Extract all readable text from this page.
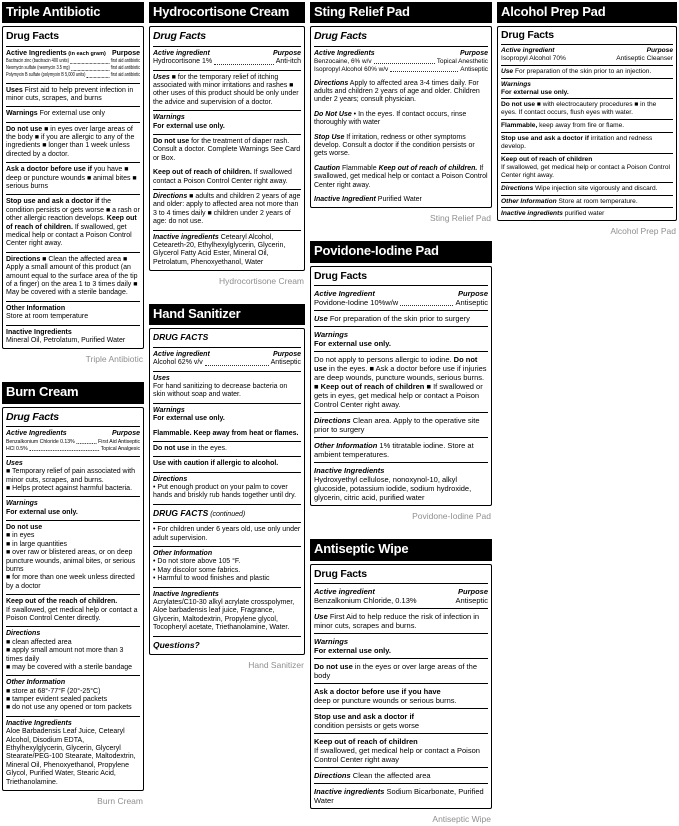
Triple Antibiotic
Drug Facts
Active Ingredients (in each gram) Purpose
Bacitracin zinc (bacitracin 400 units)	first aid antibiotic
Neomycin sulfate (neomycin 3.5 mg)	first aid antibiotic
Polymyxin B sulfate (polymyxin B 5,000 units)	first aid antibiotic
Uses First aid to help prevent infection in minor cuts, scrapes, and burns
Warnings For external use only
Do not use ■ in eyes over large areas of the body ■ if you are allergic to any of the ingredients ■ longer than 1 week unless directed by a doctor.
Ask a doctor before use if you have ■ deep or puncture wounds ■ animal bites ■ serious burns
Stop use and ask a doctor if the condition persists or gets worse ■ a rash or other allergic reaction develops. Keep out of reach of children. If swallowed, get medical help or contact a Poison Control Center right away.
Directions ■ Clean the affected area ■ Apply a small amount of this product (an amount equal to the surface area of the tip of a finger) on the area 1 to 3 times daily ■ May be covered with a sterile bandage.
Other Information
Store at room temperature
Inactive Ingredients
Mineral Oil, Petrolatum, Purified Water
Triple Antibiotic
Burn Cream
Drug Facts
Active Ingredients	Purpose
Benzalkonium Chloride 0.13%	First Aid Antiseptic
HCl 0.5%	Topical Analgesic
Uses
■ Temporary relief of pain associated with minor cuts, scrapes, and burns.
■ Helps protect against harmful bacteria.
Warnings
For external use only.
Do not use
■ in eyes
■ in large quantities
■ over raw or blistered areas, or on deep puncture wounds, animal bites, or serious burns
■ for more than one week unless directed by a doctor
Keep out of the reach of children.
If swallowed, get medical help or contact a Poison Control Center directly.
Directions
■ clean affected area
■ apply small amount not more than 3 times daily
■ may be covered with a sterile bandage
Other Information
■ store at 68°-77°F (20°-25°C)
■ tamper evident sealed packets
■ do not use any opened or torn packets
Inactive Ingredients
Aloe Barbadensis Leaf Juice, Cetearyl Alcohol, Disodium EDTA, Ethylhexylglycerin, Glycerin, Glyceryl Stearate/PEG-100 Stearate, Maltodextrin, Mineral Oil, Phenoxyethanol, Propylene Glycol, Purified Water, Stearic Acid, Triethanolamine.
Burn Cream
Hydrocortisone Cream
Drug Facts
Active ingredient	Purpose
Hydrocortisone 1%	Anti-itch
Uses ■ for the temporary relief of itching associated with minor irritations and rashes ■ other uses of this product should be only under the advice and supervision of a doctor.
Warnings
For external use only.
Do not use for the treatment of diaper rash. Consult a doctor. Complete Warnings See Card or Box.
Keep out of reach of children. If swallowed contact a Poison Control Center right away.
Directions ■ adults and children 2 years of age and older: apply to affected area not more than 3 to 4 times daily ■ children under 2 years of age: do not use.
Inactive ingredients Cetearyl Alcohol, Ceteareth-20, Ethylhexylglycerin, Glycerin, Glycerol Fatty Acid Ester, Mineral Oil, Petrolatum, Phenoxyethanol, Water
Hydrocortisone Cream
Hand Sanitizer
DRUG FACTS
Active ingredient	Purpose
Alcohol 62% v/v	Antiseptic
Uses
For hand sanitizing to decrease bacteria on skin without soap and water.
Warnings
For external use only.
Flammable. Keep away from heat or flames.
Do not use in the eyes.
Use with caution if allergic to alcohol.
Directions
• Put enough product on your palm to cover hands and briskly rub hands together until dry.
DRUG FACTS (continued)
• For children under 6 years old, use only under adult supervision.
Other Information
• Do not store above 105 °F.
• May discolor some fabrics.
• Harmful to wood finishes and plastic
Inactive Ingredients
Acrylates/C10-30 alkyl acrylate crosspolymer, Aloe barbadensis leaf juice, Fragrance, Glycerin, Maltodextrin, Propylene glycol, Tocopheryl acetate, Triethanolamine, Water.
Questions?
Hand Sanitizer
Sting Relief Pad
Drug Facts
Active Ingredients	Purpose
Benzocaine, 6% w/v	Topical Anesthetic
Isopropyl Alcohol 60% w/v	Antiseptic
Directions Apply to affected area 3-4 times daily. For adults and children 2 years of age and older. Children under 2 years; consult physician.
Do Not Use • In the eyes. If contact occurs, rinse thoroughly with water
Stop Use If irritation, redness or other symptoms develop. Consult a doctor if the condition persists or gets worse.
Caution Flammable Keep out of reach of children. If swallowed, get medical help or contact a Poison Control Center right away.
Inactive Ingredient Purified Water
Sting Relief Pad
Povidone-Iodine Pad
Drug Facts
Active Ingredient	Purpose
Povidone-Iodine 10%w/w	Antiseptic
Use For preparation of the skin prior to surgery
Warnings
For external use only.
Do not apply to persons allergic to iodine. Do not use in the eyes. ■ Ask a doctor before use if injuries are deep wounds, puncture wounds, serious burns. ■ Keep out of reach of children ■ If swallowed or gets in eyes, get medical help or contact a Poison Control Center right away.
Directions Clean area. Apply to the operative site prior to surgery
Other Information 1% titratable iodine. Store at ambient temperatures.
Inactive Ingredients
Hydroxyethyl cellulose, nonoxynol-10, alkyl glucoside, potassium iodide, sodium hydroxide, glycerin, citric acid, purified water
Povidone-Iodine Pad
Antiseptic Wipe
Drug Facts
Active ingredient	Purpose
Benzalkonium Chloride, 0.13%	Antiseptic
Use First Aid to help reduce the risk of infection in minor cuts, scrapes and burns.
Warnings
For external use only.
Do not use in the eyes or over large areas of the body
Ask a doctor before use if you have
deep or puncture wounds or serious burns.
Stop use and ask a doctor if
condition persists or gets worse
Keep out of reach of children
If swallowed, get medical help or contact a Poison Control Center right away
Directions Clean the affected area
Inactive ingredients Sodium Bicarbonate, Purified Water
Antiseptic Wipe
Alcohol Prep Pad
Drug Facts
Active ingredient	Purpose
Isopropyl Alcohol 70%	Antiseptic Cleanser
Use For preparation of the skin prior to an injection.
Warnings
For external use only.
Do not use ■ with electrocautery procedures ■ in the eyes. If contact occurs, flush eyes with water.
Flammable, keep away from fire or flame.
Stop use and ask a doctor if irritation and redness develop.
Keep out of reach of children
If swallowed, get medical help or contact a Poison Control Center right away.
Directions Wipe injection site vigorously and discard.
Other Information Store at room temperature.
Inactive ingredients purified water
Alcohol Prep Pad
